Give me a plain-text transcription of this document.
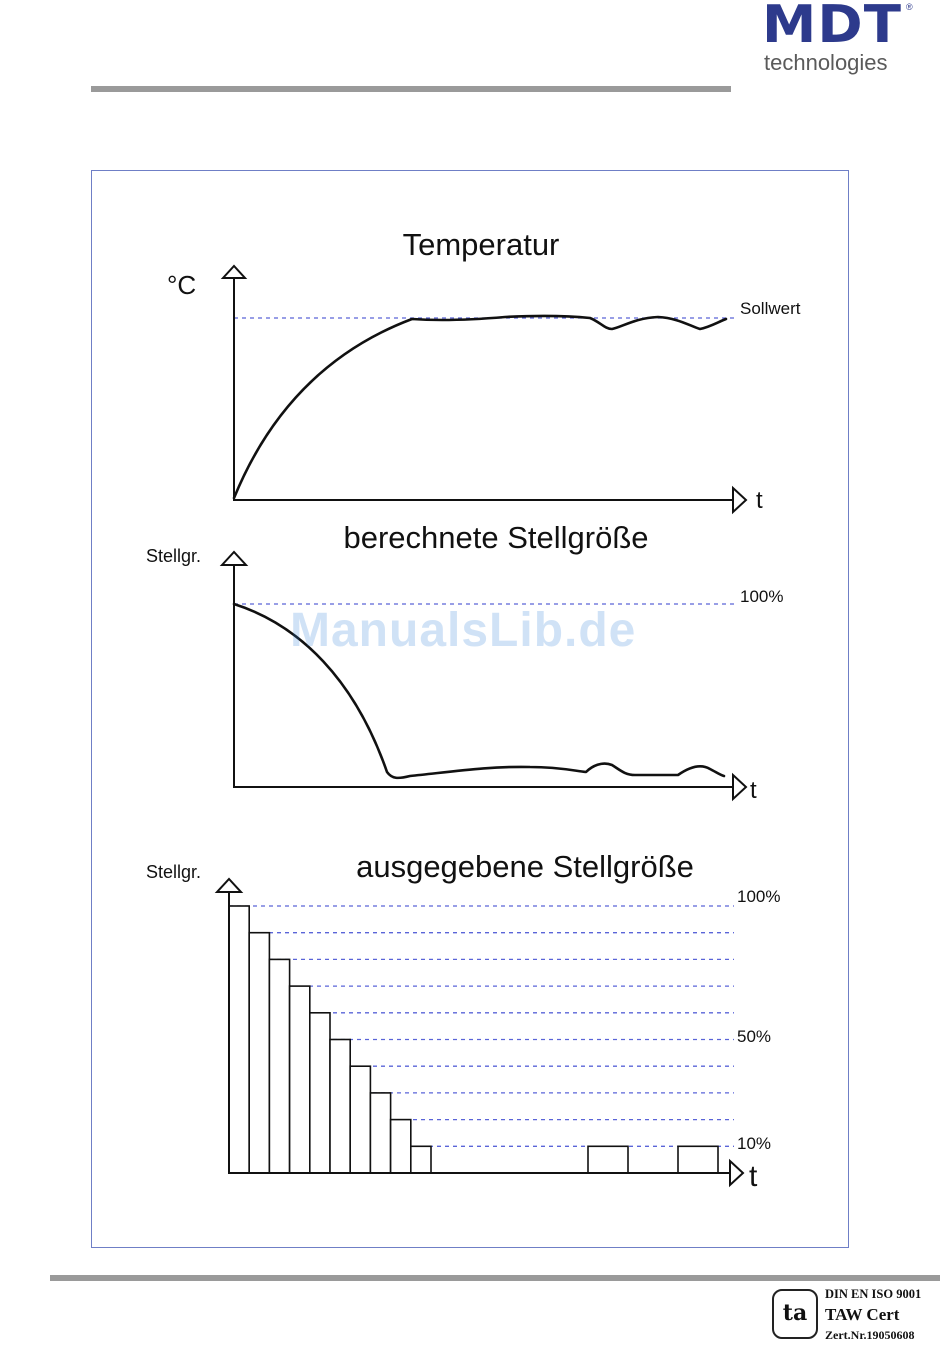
MDT ®
technologies
Temperatur
°C
Sollwert
t
berechnete Stellgröße
Stellgr.
100%
t
ausgegebene Stellgröße
Stellgr.
100%
50%
10%
t
ManualsLib.de
ta
DIN EN ISO 9001
TAW Cert
Zert.Nr.19050608
